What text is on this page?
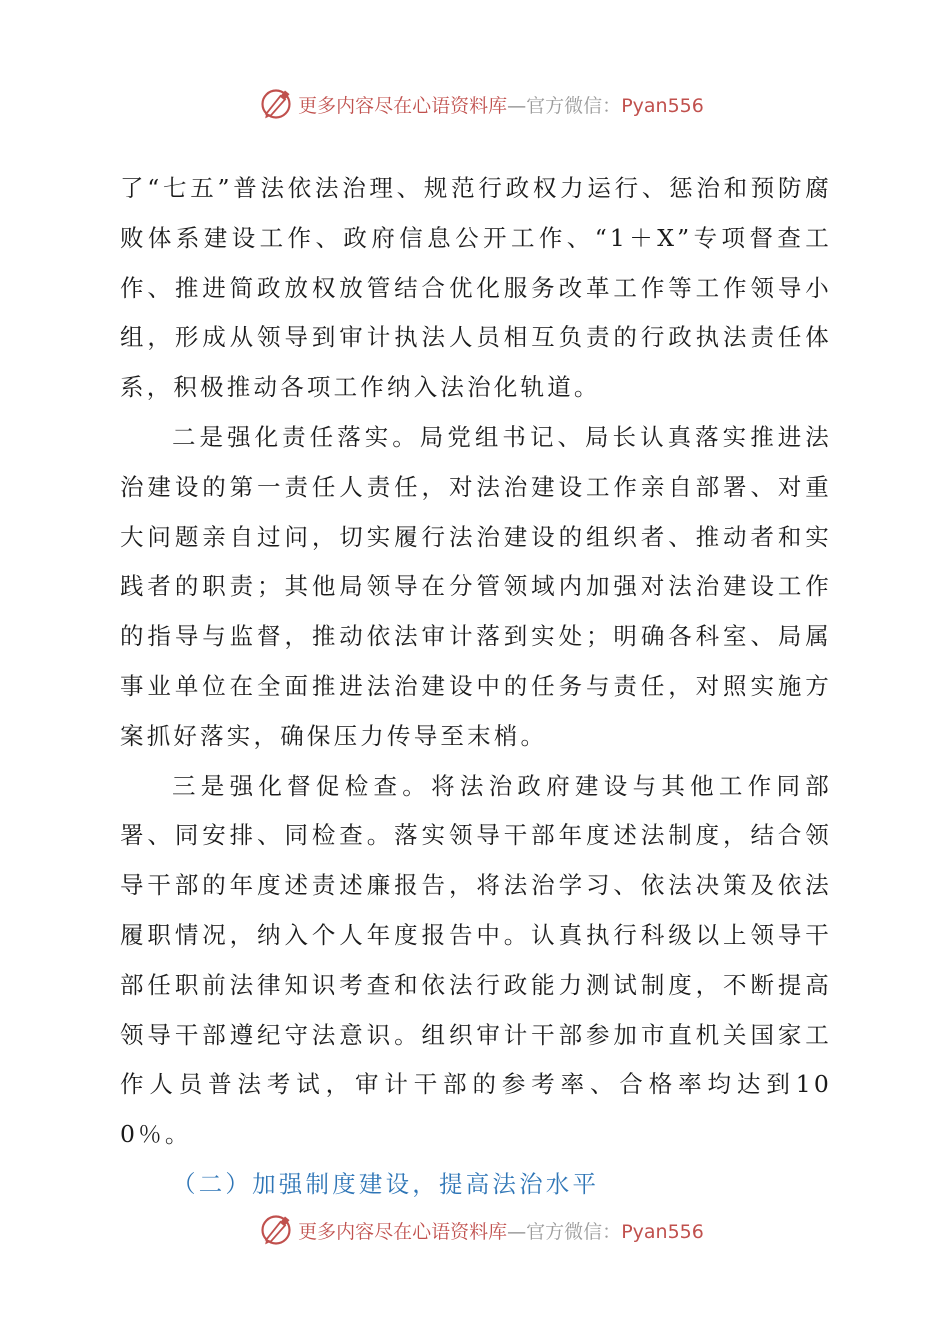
更多内容尽在心语资料库—官方微信：Pyan556

了“七五”普法依法治理、规范行政权力运行、惩治和预防腐败体系建设工作、政府信息公开工作、“1＋X”专项督查工作、推进简政放权放管结合优化服务改革工作等工作领导小组，形成从领导到审计执法人员相互负责的行政执法责任体系，积极推动各项工作纳入法治化轨道。

二是强化责任落实。局党组书记、局长认真落实推进法治建设的第一责任人责任，对法治建设工作亲自部署、对重大问题亲自过问，切实履行法治建设的组织者、推动者和实践者的职责；其他局领导在分管领域内加强对法治建设工作的指导与监督，推动依法审计落到实处；明确各科室、局属事业单位在全面推进法治建设中的任务与责任，对照实施方案抓好落实，确保压力传导至末梢。

三是强化督促检查。将法治政府建设与其他工作同部署、同安排、同检查。落实领导干部年度述法制度，结合领导干部的年度述责述廉报告，将法治学习、依法决策及依法履职情况，纳入个人年度报告中。认真执行科级以上领导干部任职前法律知识考查和依法行政能力测试制度，不断提高领导干部遵纪守法意识。组织审计干部参加市直机关国家工作人员普法考试，审计干部的参考率、合格率均达到100％。

（二）加强制度建设，提高法治水平

更多内容尽在心语资料库—官方微信：Pyan556
